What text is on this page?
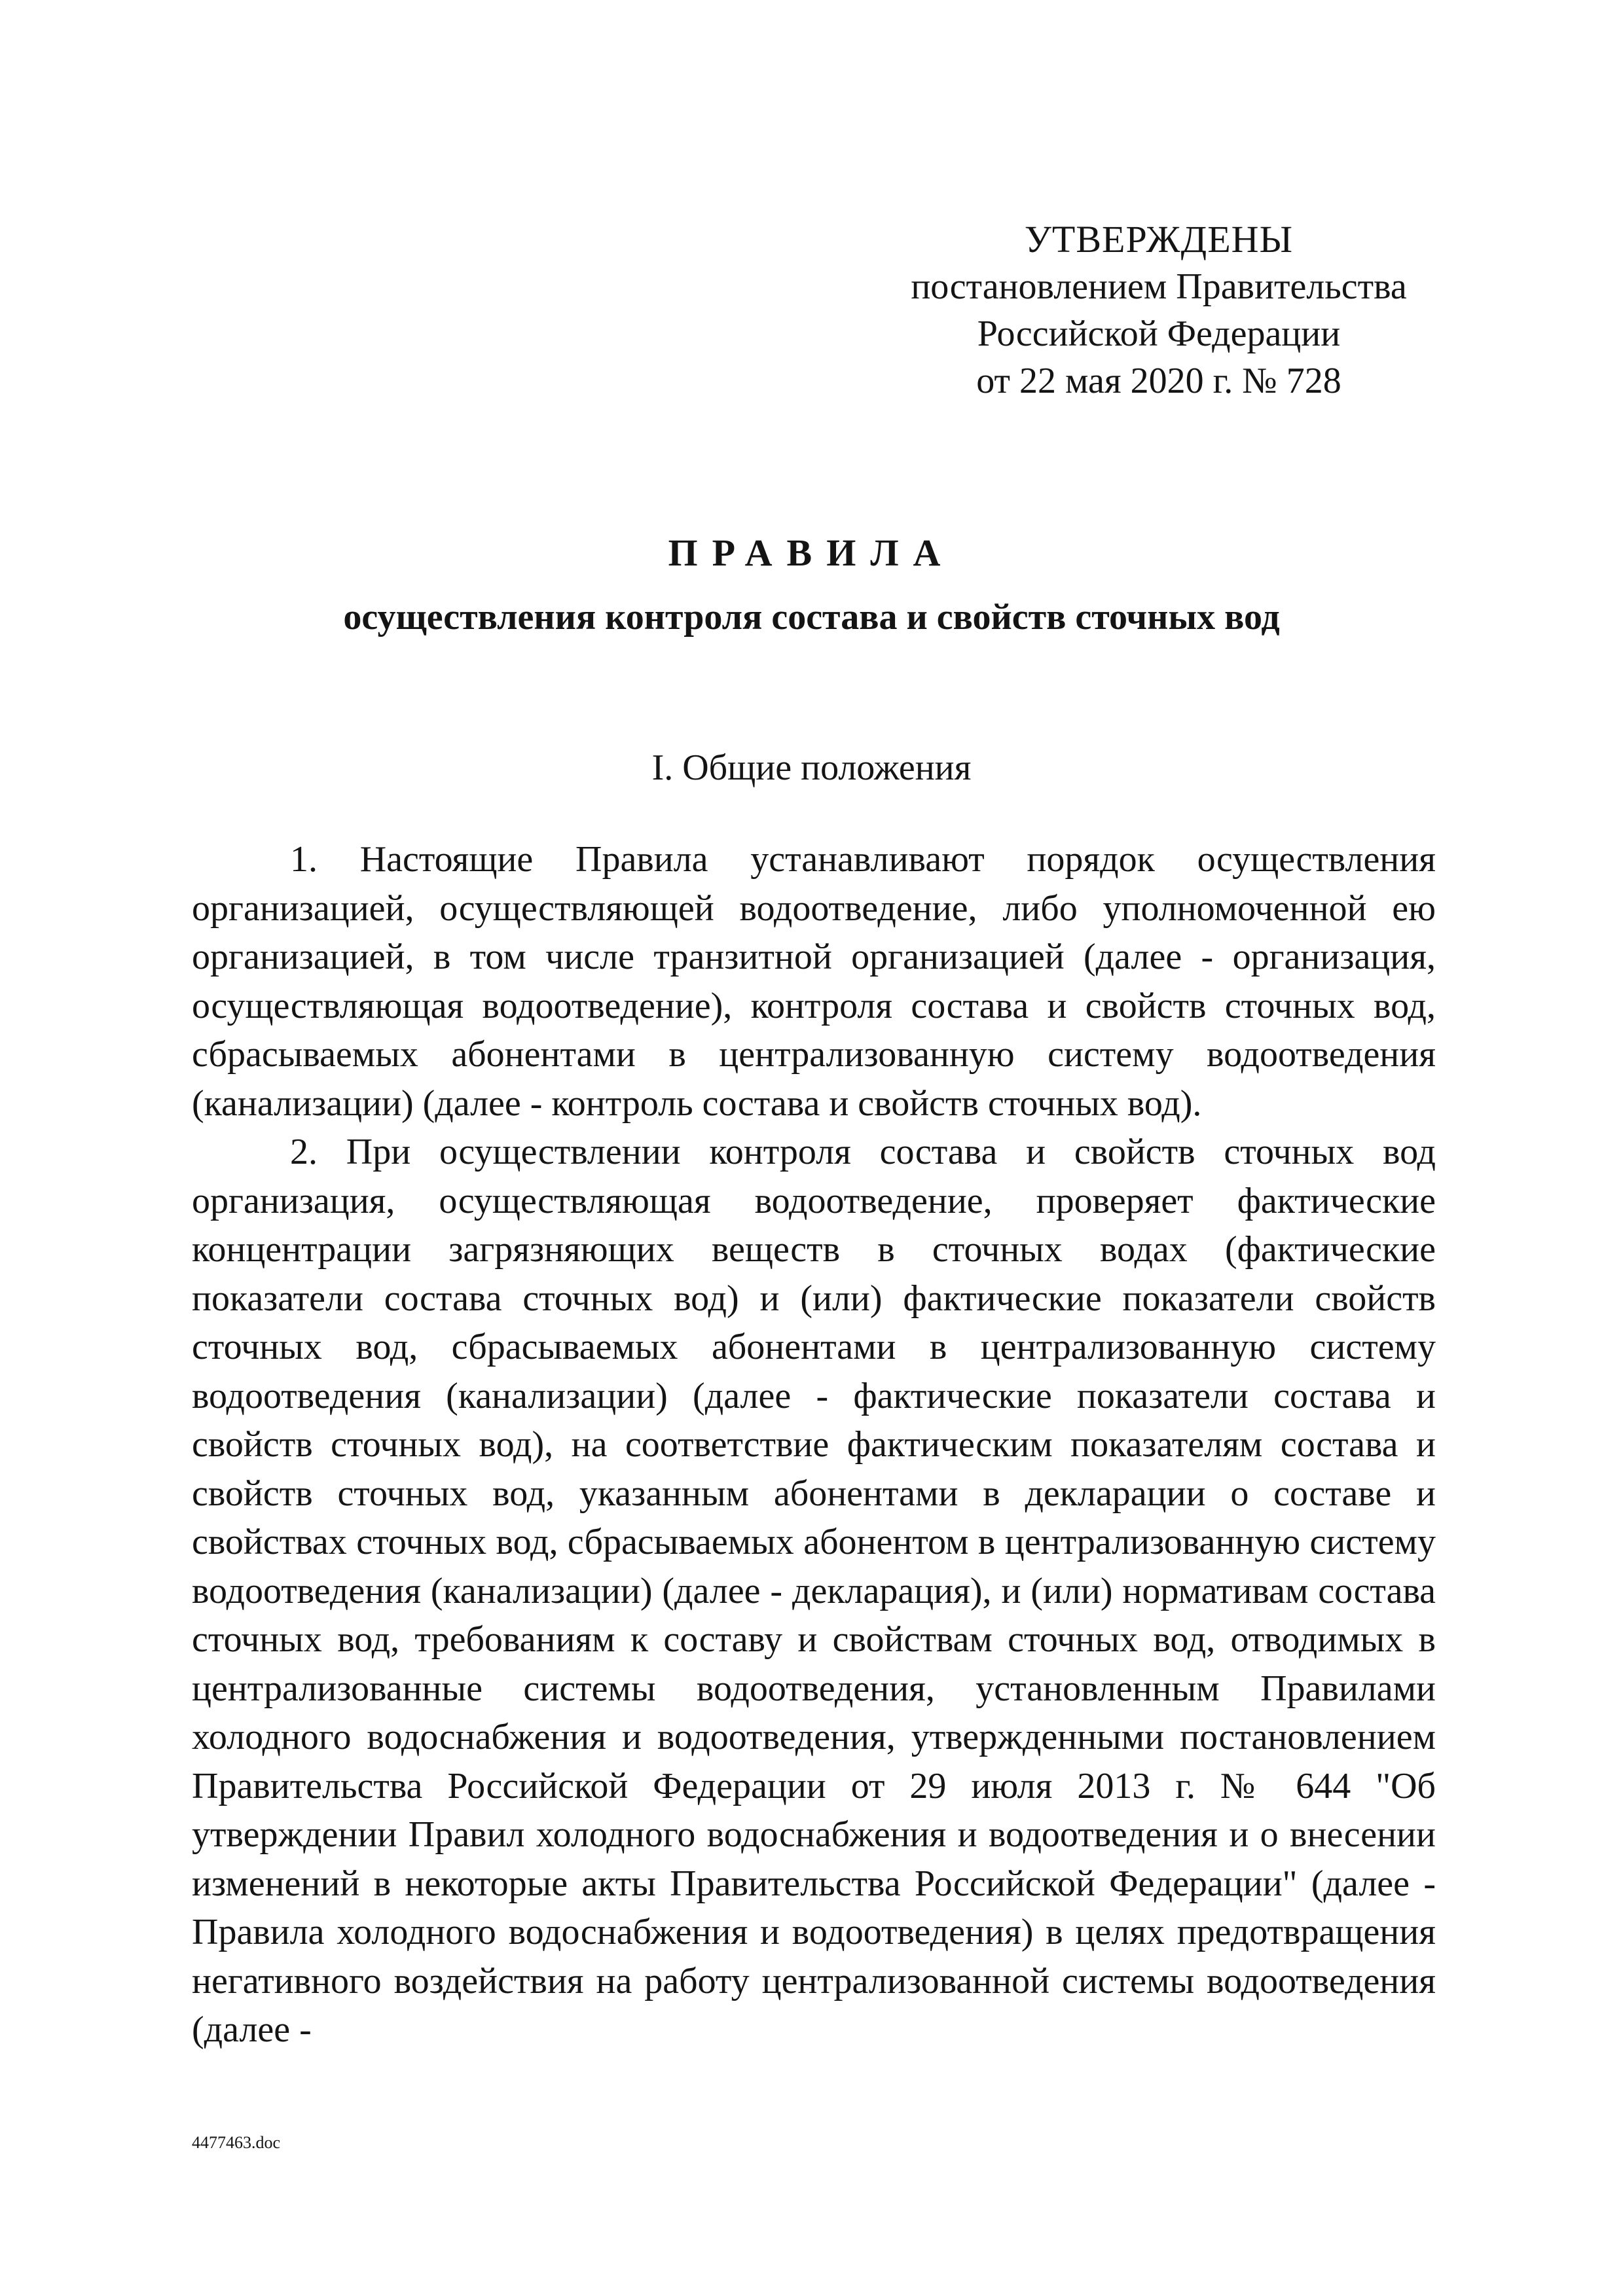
УТВЕРЖДЕНЫ
постановлением Правительства
Российской Федерации
от 22 мая 2020 г. № 728
ПРАВИЛА
осуществления контроля состава и свойств сточных вод
I. Общие положения

1. Настоящие Правила устанавливают порядок осуществления организацией, осуществляющей водоотведение, либо уполномоченной ею организацией, в том числе транзитной организацией (далее - организация, осуществляющая водоотведение), контроля состава и свойств сточных вод, сбрасываемых абонентами в централизованную систему водоотведения (канализации) (далее - контроль состава и свойств сточных вод).

2. При осуществлении контроля состава и свойств сточных вод организация, осуществляющая водоотведение, проверяет фактические концентрации загрязняющих веществ в сточных водах (фактические показатели состава сточных вод) и (или) фактические показатели свойств сточных вод, сбрасываемых абонентами в централизованную систему водоотведения (канализации) (далее - фактические показатели состава и свойств сточных вод), на соответствие фактическим показателям состава и свойств сточных вод, указанным абонентами в декларации о составе и свойствах сточных вод, сбрасываемых абонентом в централизованную систему водоотведения (канализации) (далее - декларация), и (или) нормативам состава сточных вод, требованиям к составу и свойствам сточных вод, отводимых в централизованные системы водоотведения, установленным Правилами холодного водоснабжения и водоотведения, утвержденными постановлением Правительства Российской Федерации от 29 июля 2013 г. № 644 "Об утверждении Правил холодного водоснабжения и водоотведения и о внесении изменений в некоторые акты Правительства Российской Федерации" (далее - Правила холодного водоснабжения и водоотведения) в целях предотвращения негативного воздействия на работу централизованной системы водоотведения (далее -

4477463.doc
